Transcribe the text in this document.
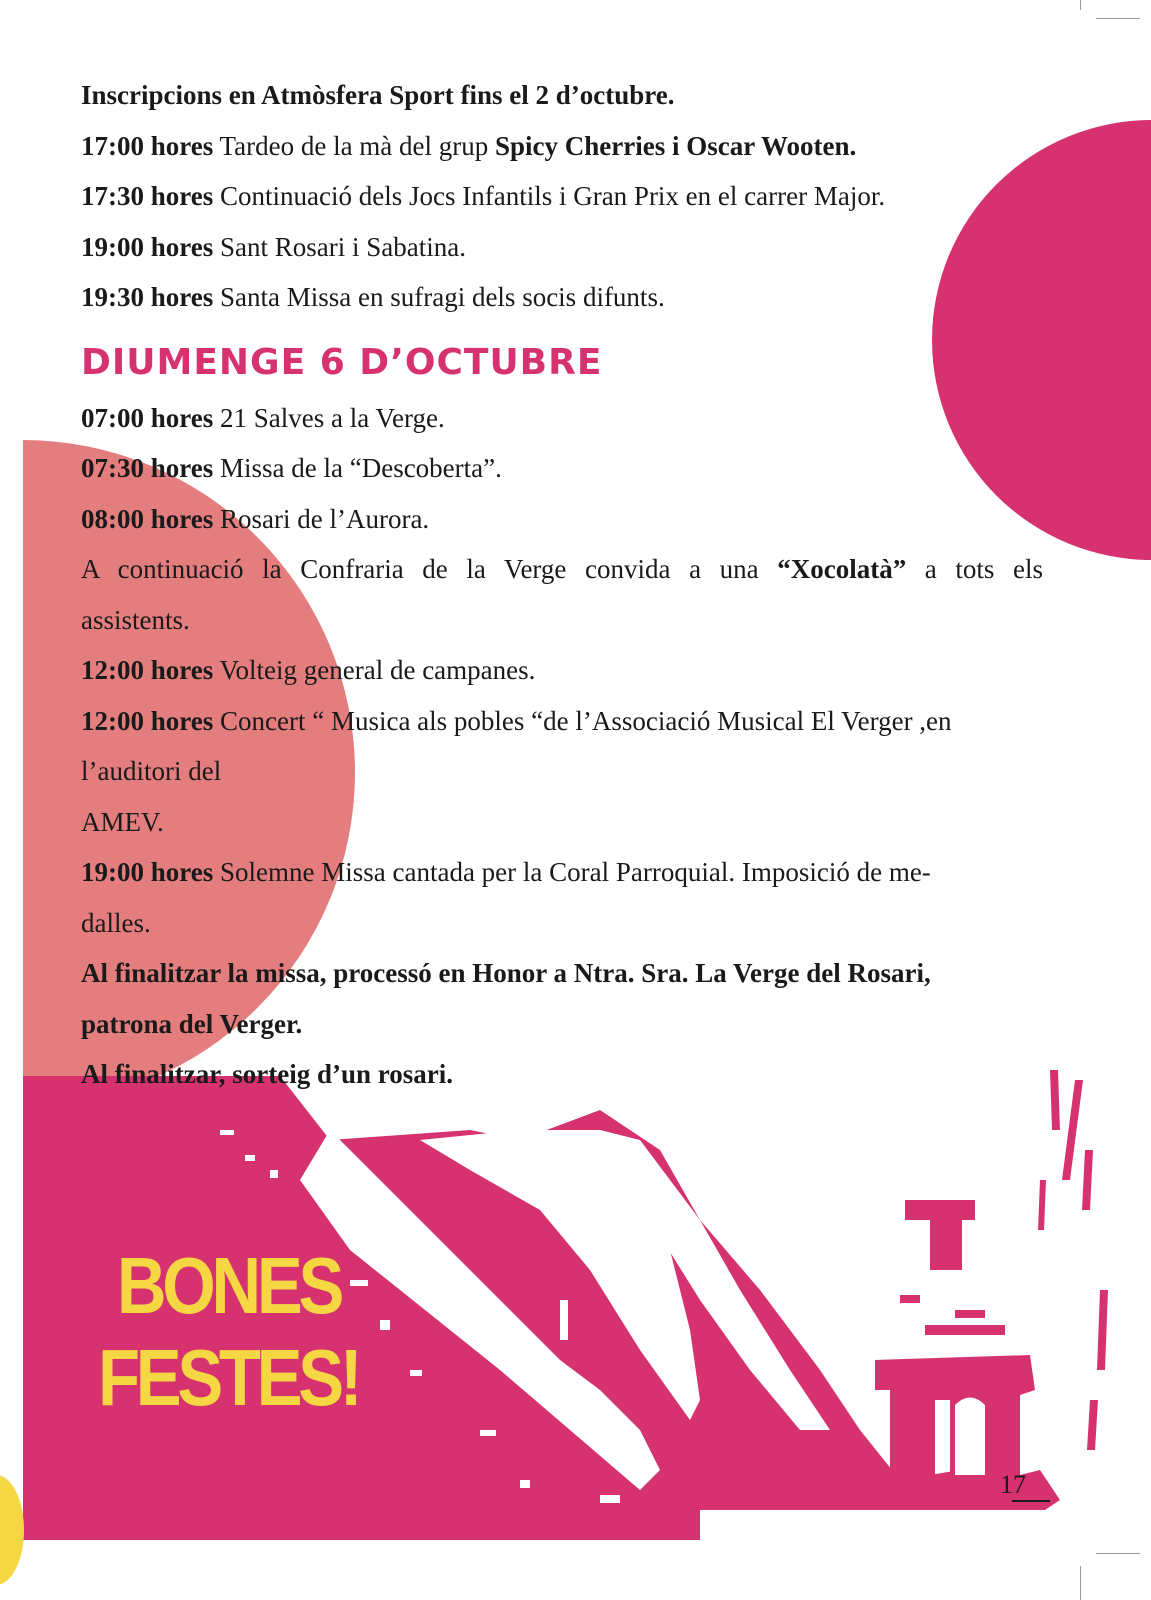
Inscripcions en Atmòsfera Sport fins el 2 d’octubre.

17:00 hores Tardeo de la mà del grup Spicy Cherries i Oscar Wooten.

17:30 hores Continuació dels Jocs Infantils i Gran Prix en el carrer Major.

19:00 hores Sant Rosari i Sabatina.

19:30 hores Santa Missa en sufragi dels socis difunts.

DIUMENGE 6 D’OCTUBRE

07:00 hores 21 Salves a la Verge.

07:30 hores Missa de la “Descoberta”.

08:00 hores Rosari de l’Aurora.

A continuació la Confraria de la Verge convida a una “Xocolatà” a tots els

assistents.

12:00 hores Volteig general de campanes.

12:00 hores Concert “ Musica als pobles “de l’Associació Musical El Verger ,en

l’auditori del

AMEV.

19:00 hores Solemne Missa cantada per la Coral Parroquial. Imposició de me-

dalles.

Al finalitzar la missa, processó en Honor a Ntra. Sra. La Verge del Rosari,

patrona del Verger.

Al finalitzar, sorteig d’un rosari.

BONES
FESTES!
17
